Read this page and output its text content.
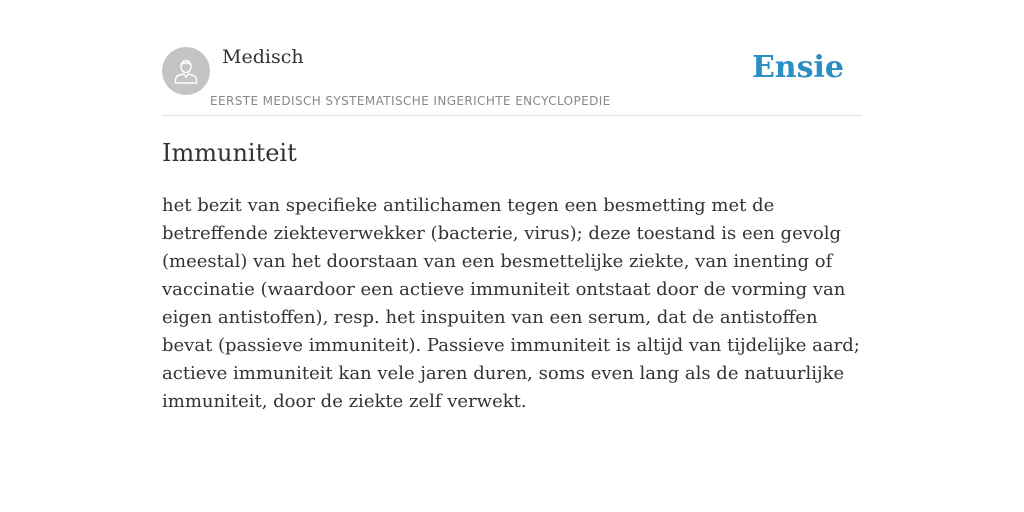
Medisch
EERSTE MEDISCH SYSTEMATISCHE INGERICHTE ENCYCLOPEDIE
Ensie
Immuniteit

het bezit van specifieke antilichamen tegen een besmetting met de betreffende ziekteverwekker (bacterie, virus); deze toestand is een gevolg (meestal) van het doorstaan van een besmettelijke ziekte, van inenting of vaccinatie (waardoor een actieve immuniteit ontstaat door de vorming van eigen antistoffen), resp. het inspuiten van een serum, dat de antistoffen bevat (passieve immuniteit). Passieve immuniteit is altijd van tijdelijke aard; actieve immuniteit kan vele jaren duren, soms even lang als de natuurlijke immuniteit, door de ziekte zelf verwekt.
